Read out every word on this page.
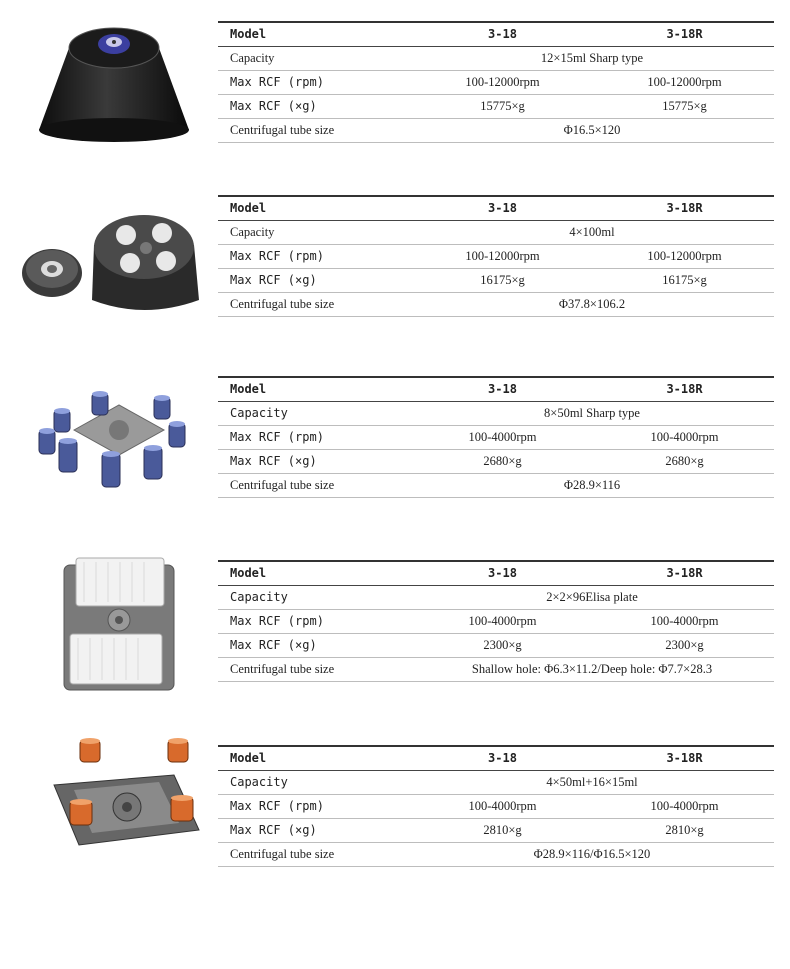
Model	3-18	3-18R
Capacity	12×15ml Sharp type	
Max RCF (rpm)	100-12000rpm	100-12000rpm
Max RCF (×g)	15775×g	15775×g
Centrifugal tube size	Φ16.5×120	
Model	3-18	3-18R
Capacity	4×100ml	
Max RCF (rpm)	100-12000rpm	100-12000rpm
Max RCF (×g)	16175×g	16175×g
Centrifugal tube size	Φ37.8×106.2	
Model	3-18	3-18R
Capacity	8×50ml Sharp type	
Max RCF (rpm)	100-4000rpm	100-4000rpm
Max RCF (×g)	2680×g	2680×g
Centrifugal tube size	Φ28.9×116	
Model	3-18	3-18R
Capacity	2×2×96Elisa plate	
Max RCF (rpm)	100-4000rpm	100-4000rpm
Max RCF (×g)	2300×g	2300×g
Centrifugal tube size	Shallow hole: Φ6.3×11.2/Deep hole: Φ7.7×28.3	
Model	3-18	3-18R
Capacity	4×50ml+16×15ml	
Max RCF (rpm)	100-4000rpm	100-4000rpm
Max RCF (×g)	2810×g	2810×g
Centrifugal tube size	Φ28.9×116/Φ16.5×120	
